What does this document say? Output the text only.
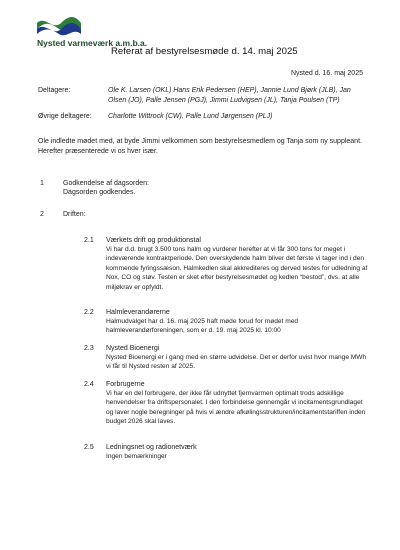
Nysted varmeværk a.m.b.a.
Referat af bestyrelsesmøde d. 14. maj 2025
Nysted d. 16. maj 2025
Deltagere:	Ole K. Larsen (OKL) Hans Erik Pedersen (HEP), Jannie Lund Bjørk (JLB), Jan Olsen (JO), Palle Jensen (PGJ), Jimmi Ludvigsen (JL), Tanja Poulsen (TP)
Øvrige deltagere: Charlotte Wittrock (CW), Palle Lund Jørgensen (PLJ)
Ole indledte mødet med, at byde Jimmi velkommen som bestyrelsesmedlem og Tanja som ny suppleant. Herefter præsenterede vi os hver især.
1	Godkendelse af dagsorden:
Dagsorden godkendes.
2	Driften:
2.1 Værkets drift og produktionstal
Vi har d.d. brugt 3.500 tons halm og vurderer herefter at vi får 300 tons for meget i indeværende kontraktperiode. Den overskydende halm bliver det første vi tager ind i den kommende fyringssæson. Halmkedlen skal akkrediteres og derved testes for udledning af Nox, CO og støv. Testen er sket efter bestyrelsesmødet og kedlen “bestod”, dvs. at alle miljøkrav er opfyldt.
2.2 Halmleverandørerne
Halmudvalget har d. 16. maj 2025 haft møde forud for mødet med halmleverandørforeningen, som er d. 19. maj 2025 kl. 10:00
2.3 Nysted Bioenergi
Nysted Bioenergi er i gang med en større udvidelse. Det er derfor uvist hvor mange MWh vi får til Nysted resten af 2025.
2.4 Forbrugerne
Vi har en del forbrugere, der ikke får udnyttet fjernvarmen optimalt trods adskillige henvendelser fra driftspersonalet. I den forbindelse gennemgår vi incitamentsgrundlaget og laver nogle beregninger på hvis vi ændre afkølingsstrukturen/incitamentstariffen inden budget 2026 skal laves.
2.5 Ledningsnet og radionetværk
Ingen bemærkninger
